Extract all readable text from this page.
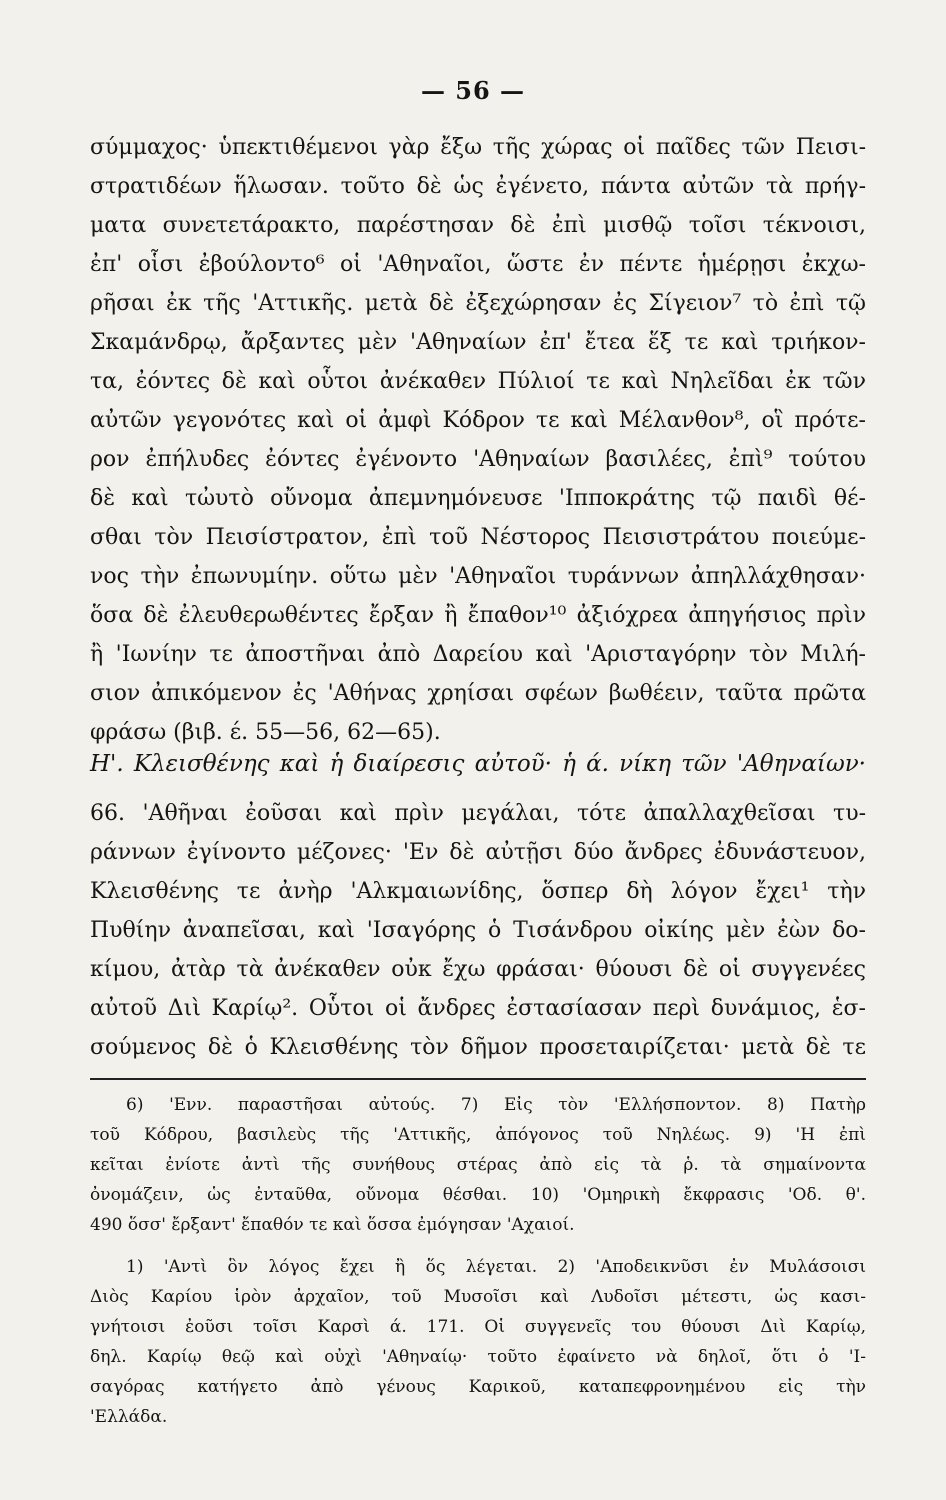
— 56 —
σύμμαχος· ὑπεκτιθέμενοι γὰρ ἔξω τῆς χώρας οἱ παῖδες τῶν Πεισι-
στρατιδέων ἥλωσαν. τοῦτο δὲ ὡς ἐγένετο, πάντα αὐτῶν τὰ πρήγ-
ματα συνετετάρακτο, παρέστησαν δὲ ἐπὶ μισθῷ τοῖσι τέκνοισι,
ἐπ' οἷσι ἐβούλοντο⁶ οἱ 'Αθηναῖοι, ὥστε ἐν πέντε ἡμέρῃσι ἐκχω-
ρῆσαι ἐκ τῆς 'Αττικῆς. μετὰ δὲ ἐξεχώρησαν ἐς Σίγειον⁷ τὸ ἐπὶ τῷ
Σκαμάνδρῳ, ἄρξαντες μὲν 'Αθηναίων ἐπ' ἔτεα ἕξ τε καὶ τριήκον-
τα, ἐόντες δὲ καὶ οὗτοι ἀνέκαθεν Πύλιοί τε καὶ Νηλεῖδαι ἐκ τῶν
αὐτῶν γεγονότες καὶ οἱ ἀμφὶ Κόδρον τε καὶ Μέλανθον⁸, οἳ πρότε-
ρον ἐπήλυδες ἐόντες ἐγένοντο 'Αθηναίων βασιλέες, ἐπὶ⁹ τούτου
δὲ καὶ τὠυτὸ οὔνομα ἀπεμνημόνευσε 'Ιπποκράτης τῷ παιδὶ θέ-
σθαι τὸν Πεισίστρατον, ἐπὶ τοῦ Νέστορος Πεισιστράτου ποιεύμε-
νος τὴν ἐπωνυμίην. οὕτω μὲν 'Αθηναῖοι τυράννων ἀπηλλάχθησαν·
ὅσα δὲ ἐλευθερωθέντες ἔρξαν ἢ ἔπαθον¹⁰ ἀξιόχρεα ἀπηγήσιος πρὶν
ἢ 'Ιωνίην τε ἀποστῆναι ἀπὸ Δαρείου καὶ 'Αρισταγόρην τὸν Μιλή-
σιον ἀπικόμενον ἐς 'Αθήνας χρηίσαι σφέων βωθέειν, ταῦτα πρῶτα
φράσω (βιβ. έ. 55—56, 62—65).
Η'. Κλεισθένης καὶ ἡ διαίρεσις αὐτοῦ· ἡ ά. νίκη τῶν 'Αθηναίων·
66. 'Αθῆναι ἐοῦσαι καὶ πρὶν μεγάλαι, τότε ἀπαλλαχθεῖσαι τυ-
ράννων ἐγίνοντο μέζονες· 'Εν δὲ αὐτῇσι δύο ἄνδρες ἐδυνάστευον,
Κλεισθένης τε ἀνὴρ 'Αλκμαιωνίδης, ὅσπερ δὴ λόγον ἔχει¹ τὴν
Πυθίην ἀναπεῖσαι, καὶ 'Ισαγόρης ὁ Τισάνδρου οἰκίης μὲν ἐὼν δο-
κίμου, ἀτὰρ τὰ ἀνέκαθεν οὐκ ἔχω φράσαι· θύουσι δὲ οἱ συγγενέες
αὐτοῦ Διὶ Καρίῳ². Οὗτοι οἱ ἄνδρες ἐστασίασαν περὶ δυνάμιος, ἑσ-
σούμενος δὲ ὁ Κλεισθένης τὸν δῆμον προσεταιρίζεται· μετὰ δὲ τε
6) 'Ενν. παραστῆσαι αὐτούς. 7) Εἰς τὸν 'Ελλήσποντον. 8) Πατὴρ
τοῦ Κόδρου, βασιλεὺς τῆς 'Αττικῆς, ἀπόγονος τοῦ Νηλέως. 9) 'Η ἐπὶ
κεῖται ἐνίοτε ἀντὶ τῆς συνήθους στέρας ἀπὸ εἰς τὰ ῥ. τὰ σημαίνοντα
ὀνομάζειν, ὡς ἐνταῦθα, οὔνομα θέσθαι. 10) 'Ομηρικὴ ἔκφρασις 'Οδ. θ'.
490 ὅσσ' ἔρξαντ' ἔπαθόν τε καὶ ὅσσα ἐμόγησαν 'Αχαιοί.
1) 'Αντὶ ὃν λόγος ἔχει ἢ ὅς λέγεται. 2) 'Αποδεικνῦσι ἐν Μυλάσοισι
Διὸς Καρίου ἱρὸν ἀρχαῖον, τοῦ Μυσοῖσι καὶ Λυδοῖσι μέτεστι, ὡς κασι-
γνήτοισι ἐοῦσι τοῖσι Καρσὶ ά. 171. Οἱ συγγενεῖς του θύουσι Διὶ Καρίῳ,
δηλ. Καρίῳ θεῷ καὶ οὐχὶ 'Αθηναίῳ· τοῦτο ἐφαίνετο νὰ δηλοῖ, ὅτι ὁ 'Ι-
σαγόρας κατήγετο ἀπὸ γένους Καρικοῦ, καταπεφρονημένου εἰς τὴν
'Ελλάδα.
